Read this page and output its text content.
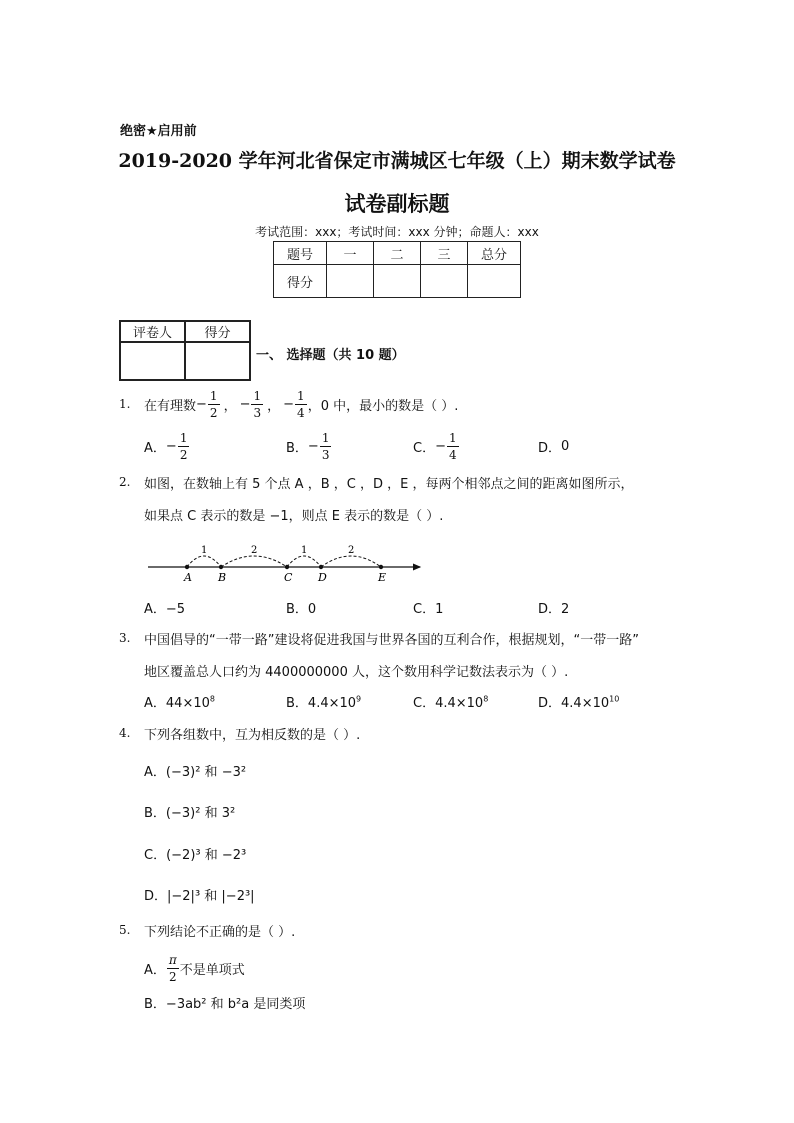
绝密★启用前
2019-2020 学年河北省保定市满城区七年级（上）期末数学试卷
试卷副标题
考试范围：xxx；考试时间：xxx 分钟；命题人：xxx
题号	一	二	三	总分
得分				
评卷人	得分

一、 选择题（共 10 题）
1. 在有理数 − $\frac{1}{2}$ ， − $\frac{1}{3}$ ， − $\frac{1}{4}$ ，0 中，最小的数是（ ）.
A． − $\frac{1}{2}$	B． − $\frac{1}{3}$	C． − $\frac{1}{4}$	D． 0
2. 如图，在数轴上有 5 个点 A ，B ，C ，D ，E ，每两个相邻点之间的距离如图所示，
如果点 C 表示的数是 −1，则点 E 表示的数是（ ）.
A B	C D	E
1	2	1	2
A．−5	B．0	C．1	D．2
3. 中国倡导的“一带一路”建设将促进我国与世界各国的互利合作，根据规划，“一带一路”
地区覆盖总人口约为 4400000000 人，这个数用科学记数法表示为（ ）.
A．$44\times 10^8$	B．$4.4\times 10^9$	C．$4.4\times 10^8$	D．$4.4\times 10^{10}$
4. 下列各组数中，互为相反数的是（ ）.
A．(−3)² 和 −3²
B．(−3)² 和 3²
C．(−2)³ 和 −2³
D．|−2|³ 和 |−2³|
5. 下列结论不正确的是（ ）.
A． $\frac{\pi}{2}$ 不是单项式
B．−3ab² 和 b²a 是同类项
